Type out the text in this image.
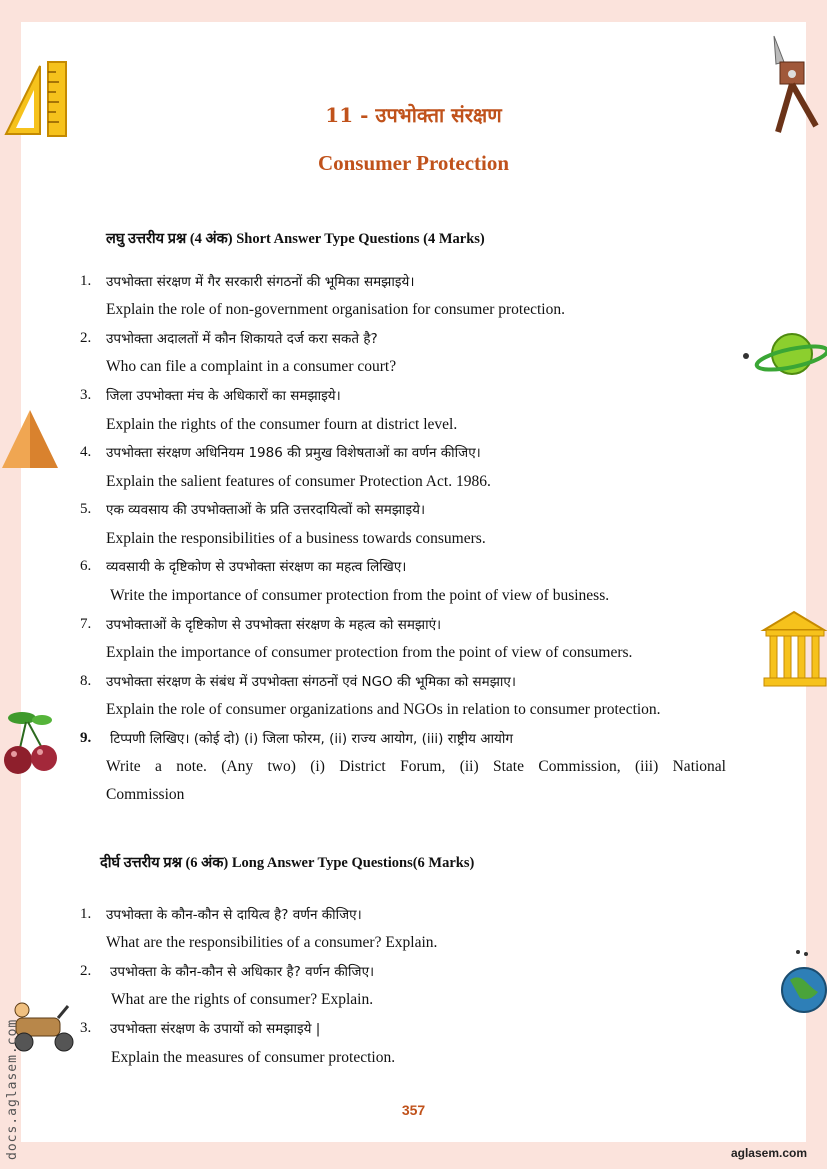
docs.aglasem.com
11 - उपभोक्ता संरक्षण
Consumer Protection
लघु उत्तरीय प्रश्न (4 अंक) Short Answer Type Questions (4 Marks)
1.	उपभोक्ता संरक्षण में गैर सरकारी संगठनों की भूमिका समझाइये।
Explain the role of non-government organisation for consumer protection.
2.	उपभोक्ता अदालतों में कौन शिकायते दर्ज करा सकते है?
Who can file a complaint in a consumer court?
3.	जिला उपभोक्ता मंच के अधिकारों का समझाइये।
Explain the rights of the consumer fourn at district level.
4.	उपभोक्ता संरक्षण अधिनियम 1986 की प्रमुख विशेषताओं का वर्णन कीजिए।
Explain the salient features of consumer Protection Act. 1986.
5.	एक व्यवसाय की उपभोक्ताओं के प्रति उत्तरदायित्वों को समझाइये।
Explain the responsibilities of a business towards consumers.
6.	व्यवसायी के दृष्टिकोण से उपभोक्ता संरक्षण का महत्व लिखिए।
Write the importance of consumer protection from the point of view of business.
7.	उपभोक्ताओं के दृष्टिकोण से उपभोक्ता संरक्षण के महत्व को समझाएं।
Explain the importance of consumer protection from the point of view of consumers.
8.	उपभोक्ता संरक्षण के संबंध में उपभोक्ता संगठनों एवं NGO की भूमिका को समझाए।
Explain the role of consumer organizations and NGOs in relation to consumer protection.
9.	टिप्पणी लिखिए। (कोई दो) (i) जिला फोरम, (ii) राज्य आयोग, (iii) राष्ट्रीय आयोग
Write a note. (Any two) (i) District Forum, (ii) State Commission, (iii) National
Commission
दीर्घ उत्तरीय प्रश्न (6 अंक) Long Answer Type Questions(6 Marks)
1.	उपभोक्ता के कौन-कौन से दायित्व है? वर्णन कीजिए।
What are the responsibilities of a consumer? Explain.
2.	उपभोक्ता के कौन-कौन से अधिकार है? वर्णन कीजिए।
What are the rights of consumer? Explain.
3.	उपभोक्ता संरक्षण के उपायों को समझाइये |
Explain the measures of consumer protection.
357
aglasem.com
